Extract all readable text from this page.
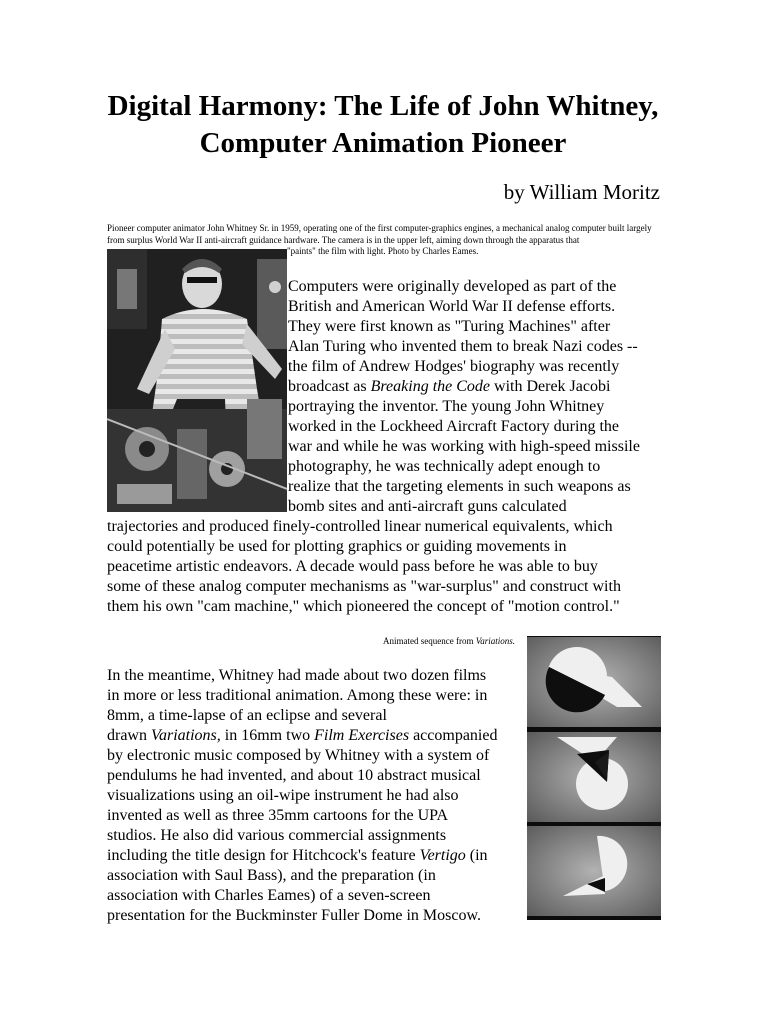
Digital Harmony: The Life of John Whitney, Computer Animation Pioneer
by William Moritz
Pioneer computer animator John Whitney Sr. in 1959, operating one of the first computer-graphics engines, a mechanical analog computer built largely from surplus World War II anti-aircraft guidance hardware. The camera is in the upper left, aiming down through the apparatus that
"paints" the film with light. Photo by Charles Eames.
Computers were originally developed as part of the
British and American World War II defense efforts.
They were first known as "Turing Machines" after
Alan Turing who invented them to break Nazi codes --
the film of Andrew Hodges' biography was recently
broadcast as Breaking the Code with Derek Jacobi
portraying the inventor. The young John Whitney
worked in the Lockheed Aircraft Factory during the
war and while he was working with high-speed missile
photography, he was technically adept enough to
realize that the targeting elements in such weapons as
bomb sites and anti-aircraft guns calculated
trajectories and produced finely-controlled linear numerical equivalents, which
could potentially be used for plotting graphics or guiding movements in
peacetime artistic endeavors. A decade would pass before he was able to buy
some of these analog computer mechanisms as "war-surplus" and construct with
them his own "cam machine," which pioneered the concept of "motion control."
Animated sequence from Variations.
In the meantime, Whitney had made about two dozen films
in more or less traditional animation. Among these were: in
8mm, a time-lapse of an eclipse and several
drawn Variations, in 16mm two Film Exercises accompanied
by electronic music composed by Whitney with a system of
pendulums he had invented, and about 10 abstract musical
visualizations using an oil-wipe instrument he had also
invented as well as three 35mm cartoons for the UPA
studios. He also did various commercial assignments
including the title design for Hitchcock's feature Vertigo (in
association with Saul Bass), and the preparation (in
association with Charles Eames) of a seven-screen
presentation for the Buckminster Fuller Dome in Moscow.
